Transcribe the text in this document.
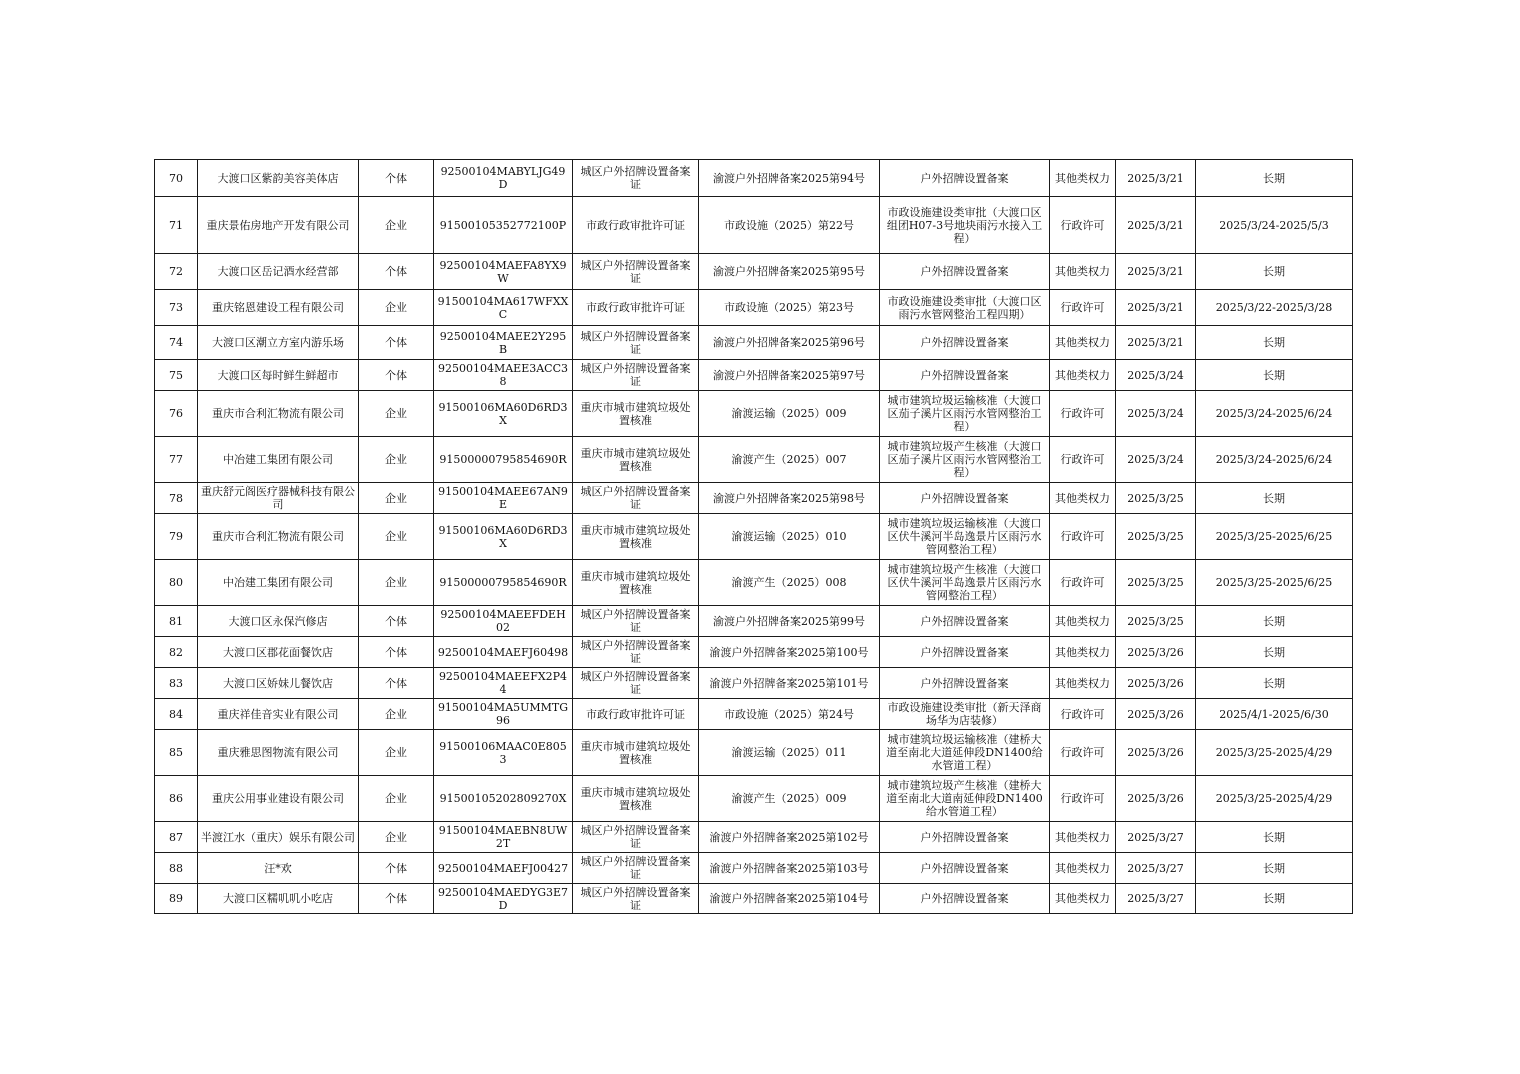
70	大渡口区紫韵美容美体店	个体	92500104MABYLJG49D	城区户外招牌设置备案证	渝渡户外招牌备案2025第94号	户外招牌设置备案	其他类权力	2025/3/21	长期
71	重庆景佑房地产开发有限公司	企业	91500105352772100P	市政行政审批许可证	市政设施（2025）第22号	市政设施建设类审批（大渡口区组团H07-3号地块雨污水接入工程）	行政许可	2025/3/21	2025/3/24-2025/5/3
72	大渡口区岳记酒水经营部	个体	92500104MAEFA8YX9W	城区户外招牌设置备案证	渝渡户外招牌备案2025第95号	户外招牌设置备案	其他类权力	2025/3/21	长期
73	重庆铭恩建设工程有限公司	企业	91500104MA617WFXXC	市政行政审批许可证	市政设施（2025）第23号	市政设施建设类审批（大渡口区雨污水管网整治工程四期）	行政许可	2025/3/21	2025/3/22-2025/3/28
74	大渡口区潮立方室内游乐场	个体	92500104MAEE2Y295B	城区户外招牌设置备案证	渝渡户外招牌备案2025第96号	户外招牌设置备案	其他类权力	2025/3/21	长期
75	大渡口区每时鲜生鲜超市	个体	92500104MAEE3ACC38	城区户外招牌设置备案证	渝渡户外招牌备案2025第97号	户外招牌设置备案	其他类权力	2025/3/24	长期
76	重庆市合利汇物流有限公司	企业	91500106MA60D6RD3X	重庆市城市建筑垃圾处置核准	渝渡运输（2025）009	城市建筑垃圾运输核准（大渡口区茄子溪片区雨污水管网整治工程）	行政许可	2025/3/24	2025/3/24-2025/6/24
77	中冶建工集团有限公司	企业	91500000795854690R	重庆市城市建筑垃圾处置核准	渝渡产生（2025）007	城市建筑垃圾产生核准（大渡口区茄子溪片区雨污水管网整治工程）	行政许可	2025/3/24	2025/3/24-2025/6/24
78	重庆舒元阁医疗器械科技有限公司	企业	91500104MAEE67AN9E	城区户外招牌设置备案证	渝渡户外招牌备案2025第98号	户外招牌设置备案	其他类权力	2025/3/25	长期
79	重庆市合利汇物流有限公司	企业	91500106MA60D6RD3X	重庆市城市建筑垃圾处置核准	渝渡运输（2025）010	城市建筑垃圾运输核准（大渡口区伏牛溪河半岛逸景片区雨污水管网整治工程）	行政许可	2025/3/25	2025/3/25-2025/6/25
80	中冶建工集团有限公司	企业	91500000795854690R	重庆市城市建筑垃圾处置核准	渝渡产生（2025）008	城市建筑垃圾产生核准（大渡口区伏牛溪河半岛逸景片区雨污水管网整治工程）	行政许可	2025/3/25	2025/3/25-2025/6/25
81	大渡口区永保汽修店	个体	92500104MAEEFDEH02	城区户外招牌设置备案证	渝渡户外招牌备案2025第99号	户外招牌设置备案	其他类权力	2025/3/25	长期
82	大渡口区郡花面餐饮店	个体	92500104MAEFJ60498	城区户外招牌设置备案证	渝渡户外招牌备案2025第100号	户外招牌设置备案	其他类权力	2025/3/26	长期
83	大渡口区娇妹儿餐饮店	个体	92500104MAEEFX2P44	城区户外招牌设置备案证	渝渡户外招牌备案2025第101号	户外招牌设置备案	其他类权力	2025/3/26	长期
84	重庆祥佳音实业有限公司	企业	91500104MA5UMMTG96	市政行政审批许可证	市政设施（2025）第24号	市政设施建设类审批（新天泽商场华为店装修）	行政许可	2025/3/26	2025/4/1-2025/6/30
85	重庆雅思图物流有限公司	企业	91500106MAAC0E8053	重庆市城市建筑垃圾处置核准	渝渡运输（2025）011	城市建筑垃圾运输核准（建桥大道至南北大道延伸段DN1400给水管道工程）	行政许可	2025/3/26	2025/3/25-2025/4/29
86	重庆公用事业建设有限公司	企业	91500105202809270X	重庆市城市建筑垃圾处置核准	渝渡产生（2025）009	城市建筑垃圾产生核准（建桥大道至南北大道南延伸段DN1400给水管道工程）	行政许可	2025/3/26	2025/3/25-2025/4/29
87	半渡江水（重庆）娱乐有限公司	企业	91500104MAEBN8UW2T	城区户外招牌设置备案证	渝渡户外招牌备案2025第102号	户外招牌设置备案	其他类权力	2025/3/27	长期
88	汪*欢	个体	92500104MAEFJ00427	城区户外招牌设置备案证	渝渡户外招牌备案2025第103号	户外招牌设置备案	其他类权力	2025/3/27	长期
89	大渡口区糯叽叽小吃店	个体	92500104MAEDYG3E7D	城区户外招牌设置备案证	渝渡户外招牌备案2025第104号	户外招牌设置备案	其他类权力	2025/3/27	长期
